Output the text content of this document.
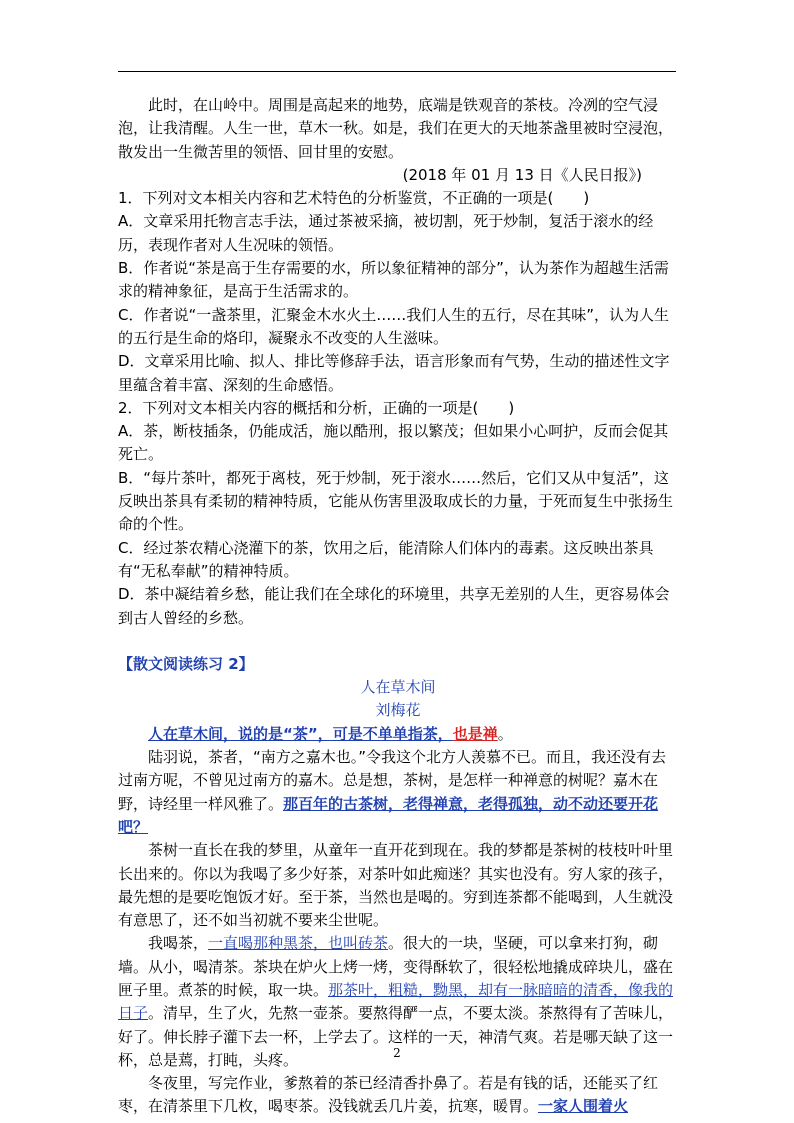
此时，在山岭中。周围是高起来的地势，底端是铁观音的茶枝。冷冽的空气浸泡，让我清醒。人生一世，草木一秋。如是，我们在更大的天地茶盏里被时空浸泡，散发出一生微苦里的领悟、回甘里的安慰。

(2018 年 01 月 13 日《人民日报》)

1．下列对文本相关内容和艺术特色的分析鉴赏，不正确的一项是(　　)

A．文章采用托物言志手法，通过茶被采摘，被切割，死于炒制，复活于滚水的经历，表现作者对人生况味的领悟。

B．作者说“茶是高于生存需要的水，所以象征精神的部分”，认为茶作为超越生活需求的精神象征，是高于生活需求的。

C．作者说“一盏茶里，汇聚金木水火土……我们人生的五行，尽在其味”，认为人生的五行是生命的烙印，凝聚永不改变的人生滋味。

D．文章采用比喻、拟人、排比等修辞手法，语言形象而有气势，生动的描述性文字里蕴含着丰富、深刻的生命感悟。

2．下列对文本相关内容的概括和分析，正确的一项是(　　)

A．茶，断枝插条，仍能成活，施以酷刑，报以繁茂；但如果小心呵护，反而会促其死亡。

B．“每片茶叶，都死于离枝，死于炒制，死于滚水……然后，它们又从中复活”，这反映出茶具有柔韧的精神特质，它能从伤害里汲取成长的力量，于死而复生中张扬生命的个性。

C．经过茶农精心浇灌下的茶，饮用之后，能清除人们体内的毒素。这反映出茶具有“无私奉献”的精神特质。

D．茶中凝结着乡愁，能让我们在全球化的环境里，共享无差别的人生，更容易体会到古人曾经的乡愁。

【散文阅读练习 2】

人在草木间

刘梅花

人在草木间，说的是“茶”，可是不单单指茶，也是禅。

陆羽说，茶者，“南方之嘉木也。”令我这个北方人羡慕不已。而且，我还没有去过南方呢，不曾见过南方的嘉木。总是想，茶树，是怎样一种禅意的树呢？嘉木在野，诗经里一样风雅了。那百年的古茶树，老得禅意，老得孤独，动不动还要开花吧？

茶树一直长在我的梦里，从童年一直开花到现在。我的梦都是茶树的枝枝叶叶里长出来的。你以为我喝了多少好茶，对茶叶如此痴迷？其实也没有。穷人家的孩子，最先想的是要吃饱饭才好。至于茶，当然也是喝的。穷到连茶都不能喝到，人生就没有意思了，还不如当初就不要来尘世呢。

我喝茶，一直喝那种黑茶，也叫砖茶。很大的一块，坚硬，可以拿来打狗，砌墙。从小，喝清茶。茶块在炉火上烤一烤，变得酥软了，很轻松地撬成碎块儿，盛在匣子里。煮茶的时候，取一块。那茶叶，粗糙，黝黑，却有一脉暗暗的清香，像我的日子。清早，生了火，先熬一壶茶。要熬得酽一点，不要太淡。茶熬得有了苦味儿，好了。伸长脖子灌下去一杯，上学去了。这样的一天，神清气爽。若是哪天缺了这一杯，总是蔫，打盹，头疼。

冬夜里，写完作业，爹熬着的茶已经清香扑鼻了。若是有钱的话，还能买了红枣，在清茶里下几枚，喝枣茶。没钱就丢几片姜，抗寒，暖胃。一家人围着火

2
